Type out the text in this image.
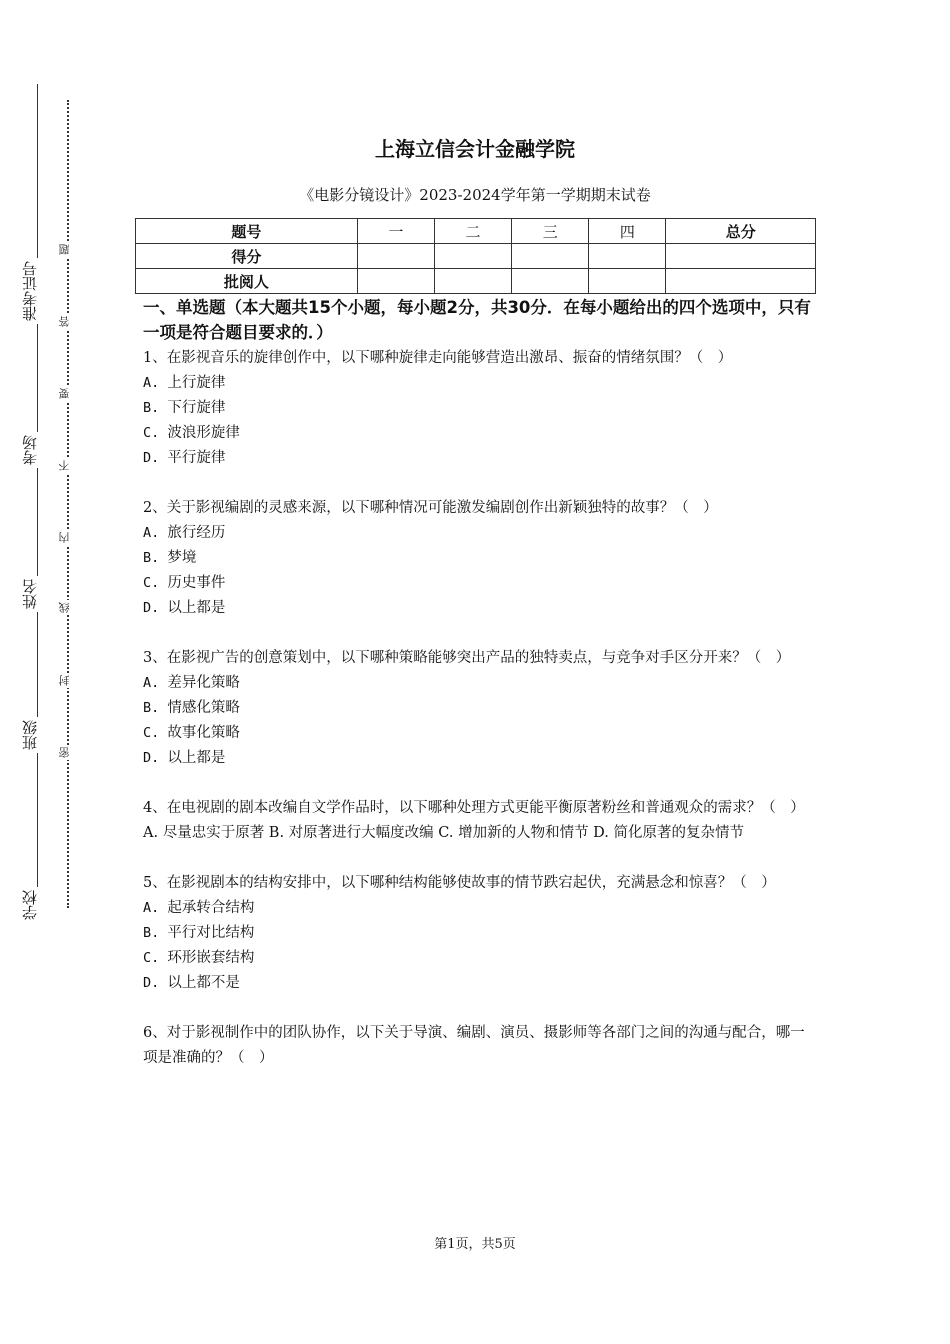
准考证号
考场
姓名
班级
学校
题
答
要
不
内
线
封
密
上海立信会计金融学院
《电影分镜设计》2023-2024学年第一学期期末试卷
题号	一	二	三	四	总分
得分					
批阅人					
一、单选题（本大题共15个小题，每小题2分，共30分．在每小题给出的四个选项中，只有一项是符合题目要求的．）
1、在影视音乐的旋律创作中，以下哪种旋律走向能够营造出激昂、振奋的情绪氛围？（　）
A. 上行旋律
B. 下行旋律
C. 波浪形旋律
D. 平行旋律
2、关于影视编剧的灵感来源，以下哪种情况可能激发编剧创作出新颖独特的故事？（　）
A. 旅行经历
B. 梦境
C. 历史事件
D. 以上都是
3、在影视广告的创意策划中，以下哪种策略能够突出产品的独特卖点，与竞争对手区分开来？（　）
A. 差异化策略
B. 情感化策略
C. 故事化策略
D. 以上都是
4、在电视剧的剧本改编自文学作品时，以下哪种处理方式更能平衡原著粉丝和普通观众的需求？（　）
A. 尽量忠实于原著 B. 对原著进行大幅度改编 C. 增加新的人物和情节 D. 简化原著的复杂情节
5、在影视剧本的结构安排中，以下哪种结构能够使故事的情节跌宕起伏，充满悬念和惊喜？（　）
A. 起承转合结构
B. 平行对比结构
C. 环形嵌套结构
D. 以上都不是
6、对于影视制作中的团队协作，以下关于导演、编剧、演员、摄影师等各部门之间的沟通与配合，哪一项是准确的？（　）
第1页，共5页
